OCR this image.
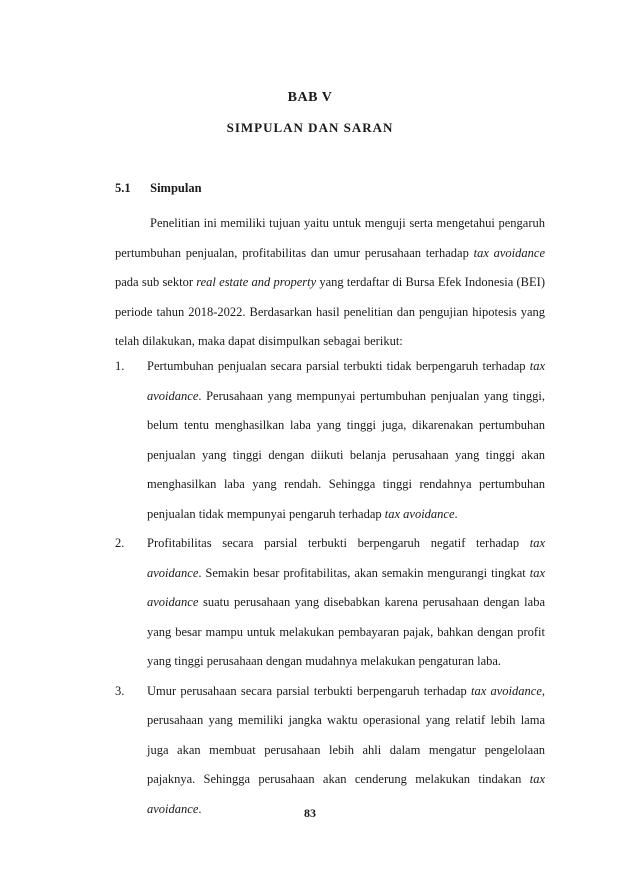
BAB V
SIMPULAN DAN SARAN
5.1 Simpulan

Penelitian ini memiliki tujuan yaitu untuk menguji serta mengetahui pengaruh pertumbuhan penjualan, profitabilitas dan umur perusahaan terhadap tax avoidance pada sub sektor real estate and property yang terdaftar di Bursa Efek Indonesia (BEI) periode tahun 2018-2022. Berdasarkan hasil penelitian dan pengujian hipotesis yang telah dilakukan, maka dapat disimpulkan sebagai berikut:

1.	Pertumbuhan penjualan secara parsial terbukti tidak berpengaruh terhadap tax avoidance. Perusahaan yang mempunyai pertumbuhan penjualan yang tinggi, belum tentu menghasilkan laba yang tinggi juga, dikarenakan pertumbuhan penjualan yang tinggi dengan diikuti belanja perusahaan yang tinggi akan menghasilkan laba yang rendah. Sehingga tinggi rendahnya pertumbuhan penjualan tidak mempunyai pengaruh terhadap tax avoidance.
2.	Profitabilitas secara parsial terbukti berpengaruh negatif terhadap tax avoidance. Semakin besar profitabilitas, akan semakin mengurangi tingkat tax avoidance suatu perusahaan yang disebabkan karena perusahaan dengan laba yang besar mampu untuk melakukan pembayaran pajak, bahkan dengan profit yang tinggi perusahaan dengan mudahnya melakukan pengaturan laba.
3.	Umur perusahaan secara parsial terbukti berpengaruh terhadap tax avoidance, perusahaan yang memiliki jangka waktu operasional yang relatif lebih lama juga akan membuat perusahaan lebih ahli dalam mengatur pengelolaan pajaknya. Sehingga perusahaan akan cenderung melakukan tindakan tax avoidance.	83
